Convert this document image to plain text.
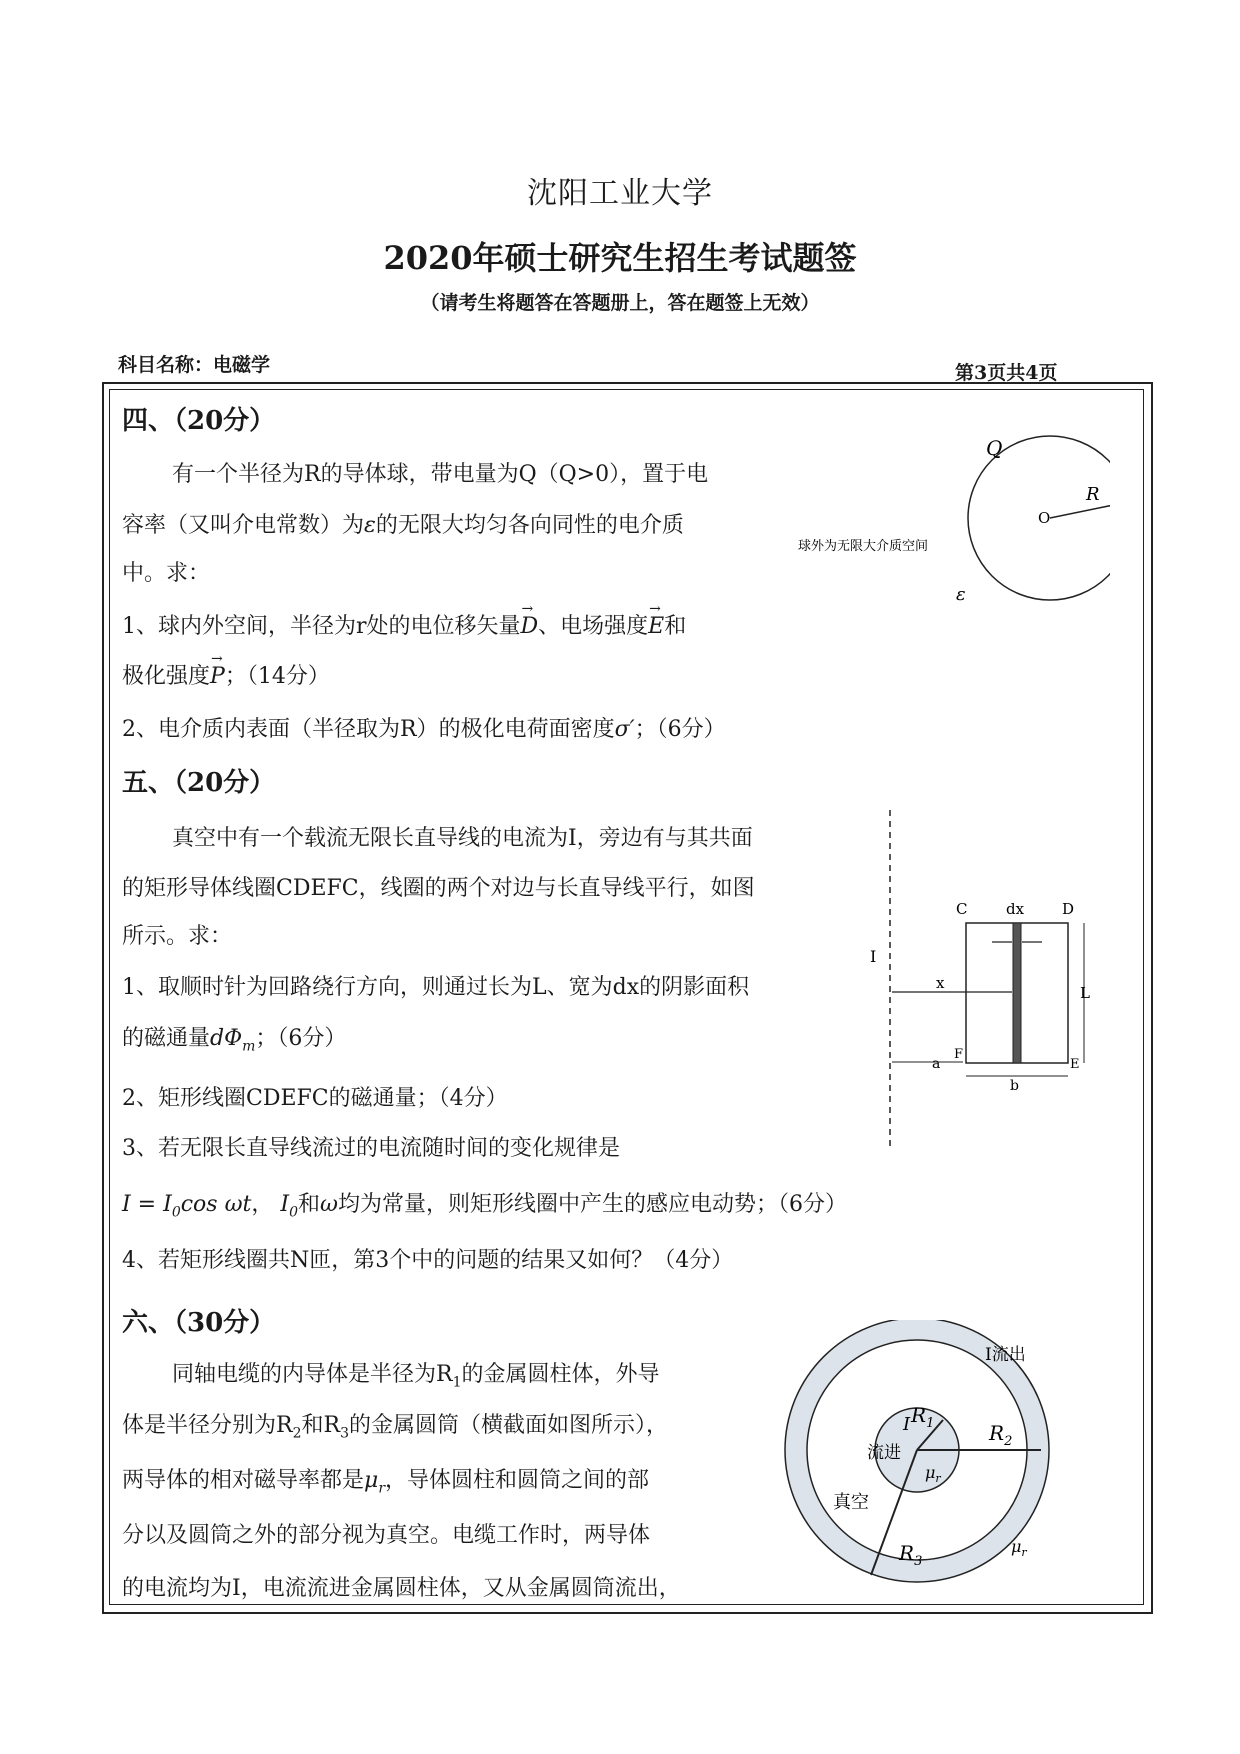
沈阳工业大学
2020年硕士研究生招生考试题签
（请考生将题答在答题册上，答在题签上无效）
科目名称：电磁学	第3页共4页
四、（20分）
有一个半径为R的导体球，带电量为Q（Q>0），置于电
容率（又叫介电常数）为ε的无限大均匀各向同性的电介质
中。求：
1、球内外空间，半径为r处的电位移矢量→ D、电场强度→ E和
极化强度→ P；（14分）
2、电介质内表面（半径取为R）的极化电荷面密度σ′；（6分）
Q
R
O
球外为无限大介质空间
ε
五、（20分）
真空中有一个载流无限长直导线的电流为I，旁边有与其共面
的矩形导体线圈CDEFC，线圈的两个对边与长直导线平行，如图
所示。求：
1、取顺时针为回路绕行方向，则通过长为L、宽为dx的阴影面积
的磁通量$d\Phi_m$；（6分）
2、矩形线圈CDEFC的磁通量；（4分）
3、若无限长直导线流过的电流随时间的变化规律是
$I = I_0\cos$ ωt， $I_0$和ω均为常量，则矩形线圈中产生的感应电动势；（6分）
4、若矩形线圈共N匝，第3个中的问题的结果又如何？（4分）
C	dx	D
I
x
L
a
F
b
E
六、（30分）
同轴电缆的内导体是半径为$R_1$的金属圆柱体，外导
体是半径分别为$R_2$和$R_3$的金属圆筒（横截面如图所示），
两导体的相对磁导率都是$\mu_r$，导体圆柱和圆筒之间的部
分以及圆筒之外的部分视为真空。电缆工作时，两导体
的电流均为I，电流流进金属圆柱体，又从金属圆筒流出，
I流出
$R_1$	$R_2$
$R_3$
I
流进
$\mu_r$
真空
$\mu_r$
